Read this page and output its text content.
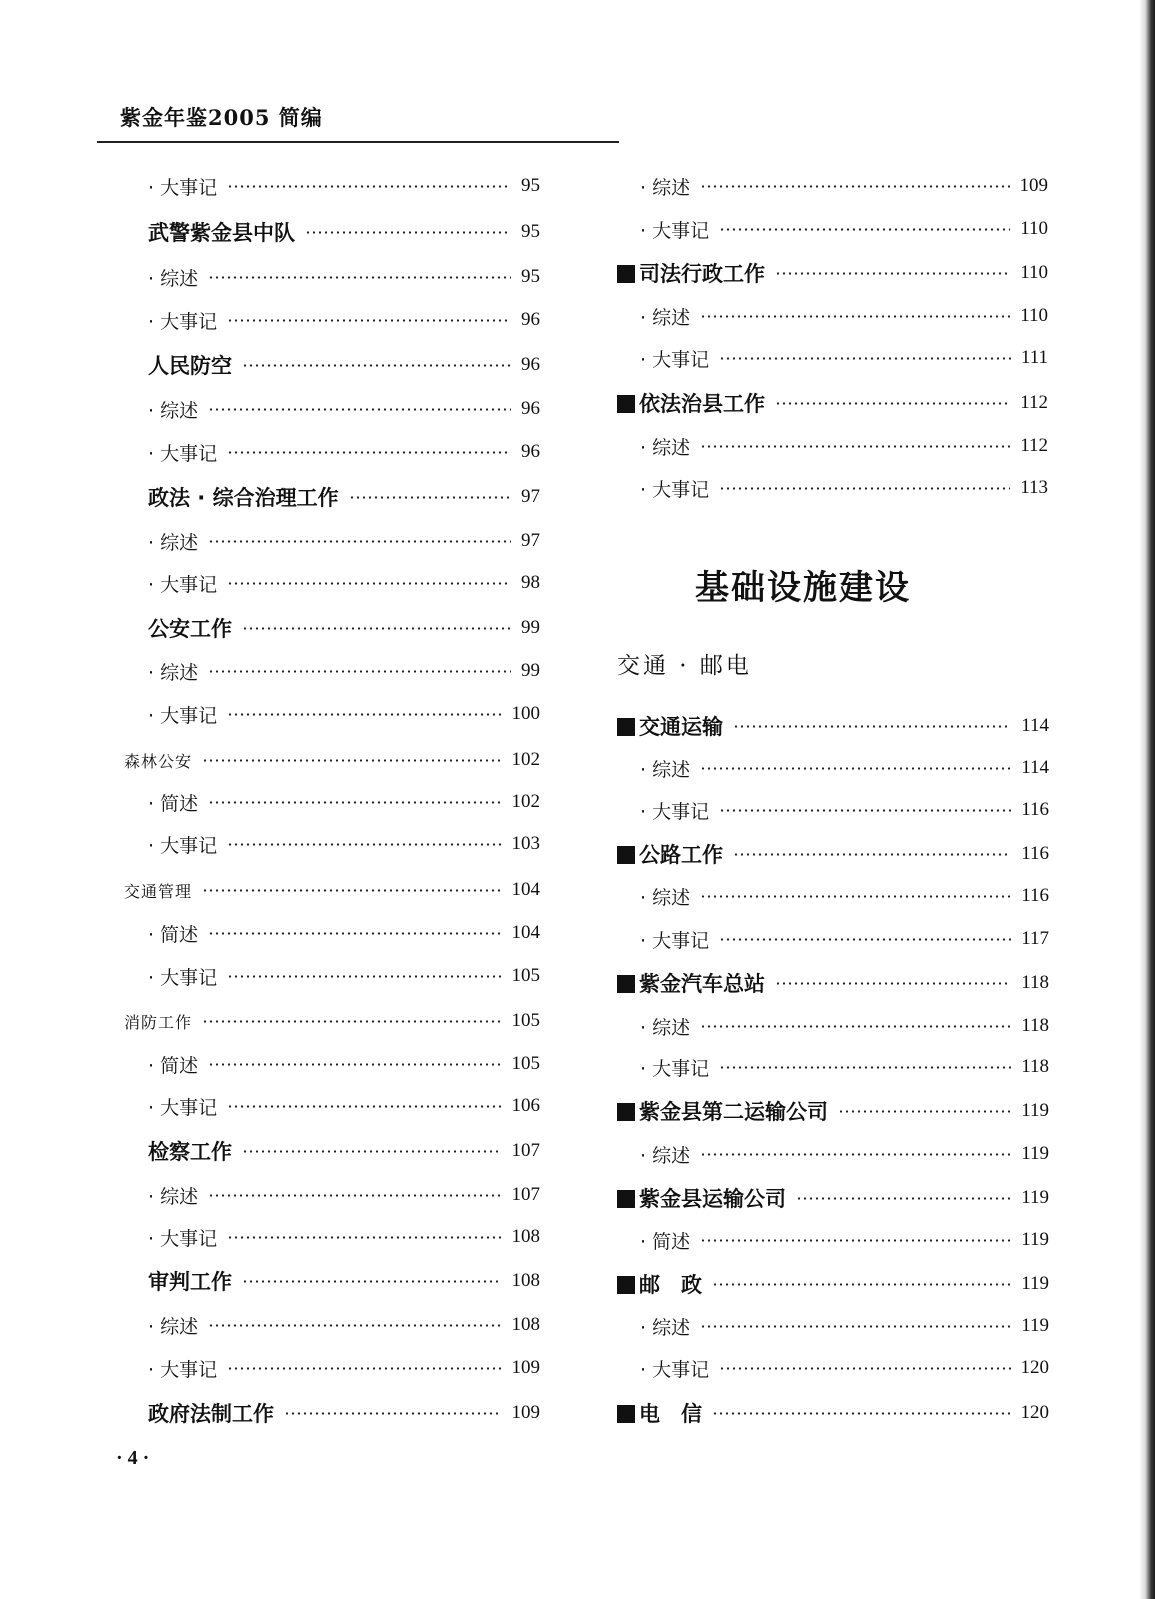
紫金年鉴2005 简编
· 大事记	95
武警紫金县中队	95
· 综述	95
· 大事记	96
人民防空	96
· 综述	96
· 大事记	96
政法 · 综合治理工作	97
· 综述	97
· 大事记	98
公安工作	99
· 综述	99
· 大事记	100
森林公安	102
· 简述	102
· 大事记	103
交通管理	104
· 简述	104
· 大事记	105
消防工作	105
· 简述	105
· 大事记	106
检察工作	107
· 综述	107
· 大事记	108
审判工作	108
· 综述	108
· 大事记	109
政府法制工作	109
· 综述	109
· 大事记	110
司法行政工作	110
· 综述	110
· 大事记	111
依法治县工作	112
· 综述	112
· 大事记	113
基础设施建设
交通 · 邮电
交通运输	114
· 综述	114
· 大事记	116
公路工作	116
· 综述	116
· 大事记	117
紫金汽车总站	118
· 综述	118
· 大事记	118
紫金县第二运输公司	119
· 综述	119
紫金县运输公司	119
· 简述	119
邮　政	119
· 综述	119
· 大事记	120
电　信	120
· 4 ·
